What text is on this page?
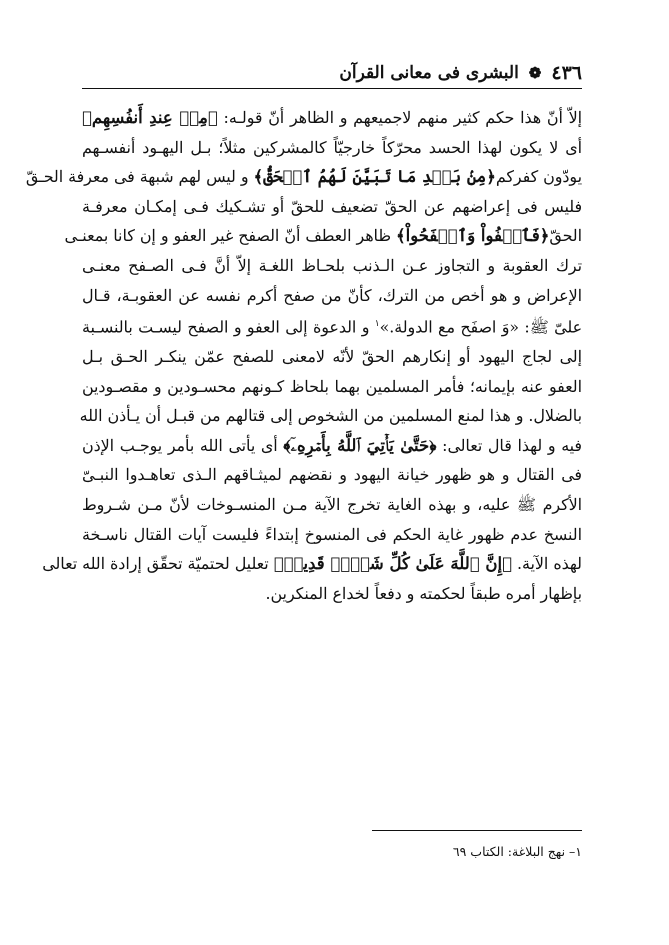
٤٣٦
❁
البشرى فى معانى القرآن
إلاّ أنّ هذا حكم كثير منهم لاجميعهم و الظاهر أنّ قولـه: ﴿مِنۡ عِندِ أَنفُسِهِم﴾
أى لا يكون لهذا الحسد محرّكاً خارجيّاً كالمشركين مثلاً؛ بـل اليهـود أنفسـهم
يودّون كفركم﴿مِنۢ بَعۡدِ مَا تَبَيَّنَ لَهُمُ ٱلۡحَقُّ﴾ و ليس لهم شبهة فى معرفة الحـقّ
فليس فى إعراضهم عن الحقّ تضعيف للحقّ أو تشـكيك فـى إمكـان معرفـة
الحقّ﴿فَٱعۡفُواْ وَٱصۡفَحُواْ﴾ ظاهر العطف أنّ الصفح غير العفو و إن كانا بمعنـى
ترك العقوبة و التجاوز عـن الـذنب بلحـاظ اللغـة إلاّ أنَّ فـى الصـفح معنـى
الإعراض و هو أخص من الترك، كأنّ من صفح أكرم نفسه عن العقوبـة، قـال
علىّ ﷺ: «وَ اصفَح مع الدولة.»$^١$ و الدعوة إلى العفو و الصفح ليسـت بالنسـبة
إلى لجاج اليهود أو إنكارهم الحقّ لأنّه لامعنى للصفح عمّن ينكـر الحـق بـل
العفو عنه بإيمانه؛ فأمر المسلمين بهما بلحاظ كـونهم محسـودين و مقصـودين
بالضلال. و هذا لمنع المسلمين من الشخوص إلى قتالهم من قبـل أن يـأذن الله
فيه و لهذا قال تعالى: ﴿حَتَّىٰ يَأۡتِيَ ٱللَّهُ بِأَمۡرِهِۦٓ﴾ أى يأتى الله بأمر يوجـب الإذن
فى القتال و هو ظهور خيانة اليهود و نقضهم لميثـاقهم الـذى تعاهـدوا النبـىّ
الأكرم ﷺ عليه، و بهذه الغاية تخرج الآية مـن المنسـوخات لأنّ مـن شـروط
النسخ عدم ظهور غاية الحكم فى المنسوخ إبتداءً فليست آيات القتال ناسـخة
لهذه الآية. ﴿إِنَّ ٱللَّهَ عَلَىٰ كُلِّ شَيۡءٖ قَدِيرٞ﴾ تعليل لحتميّة تحقّق إرادة الله تعالى
بإظهار أمره طبقاً لحكمته و دفعاً لخداع المنكرين.
١– نهج البلاغة: الكتاب ٦٩
